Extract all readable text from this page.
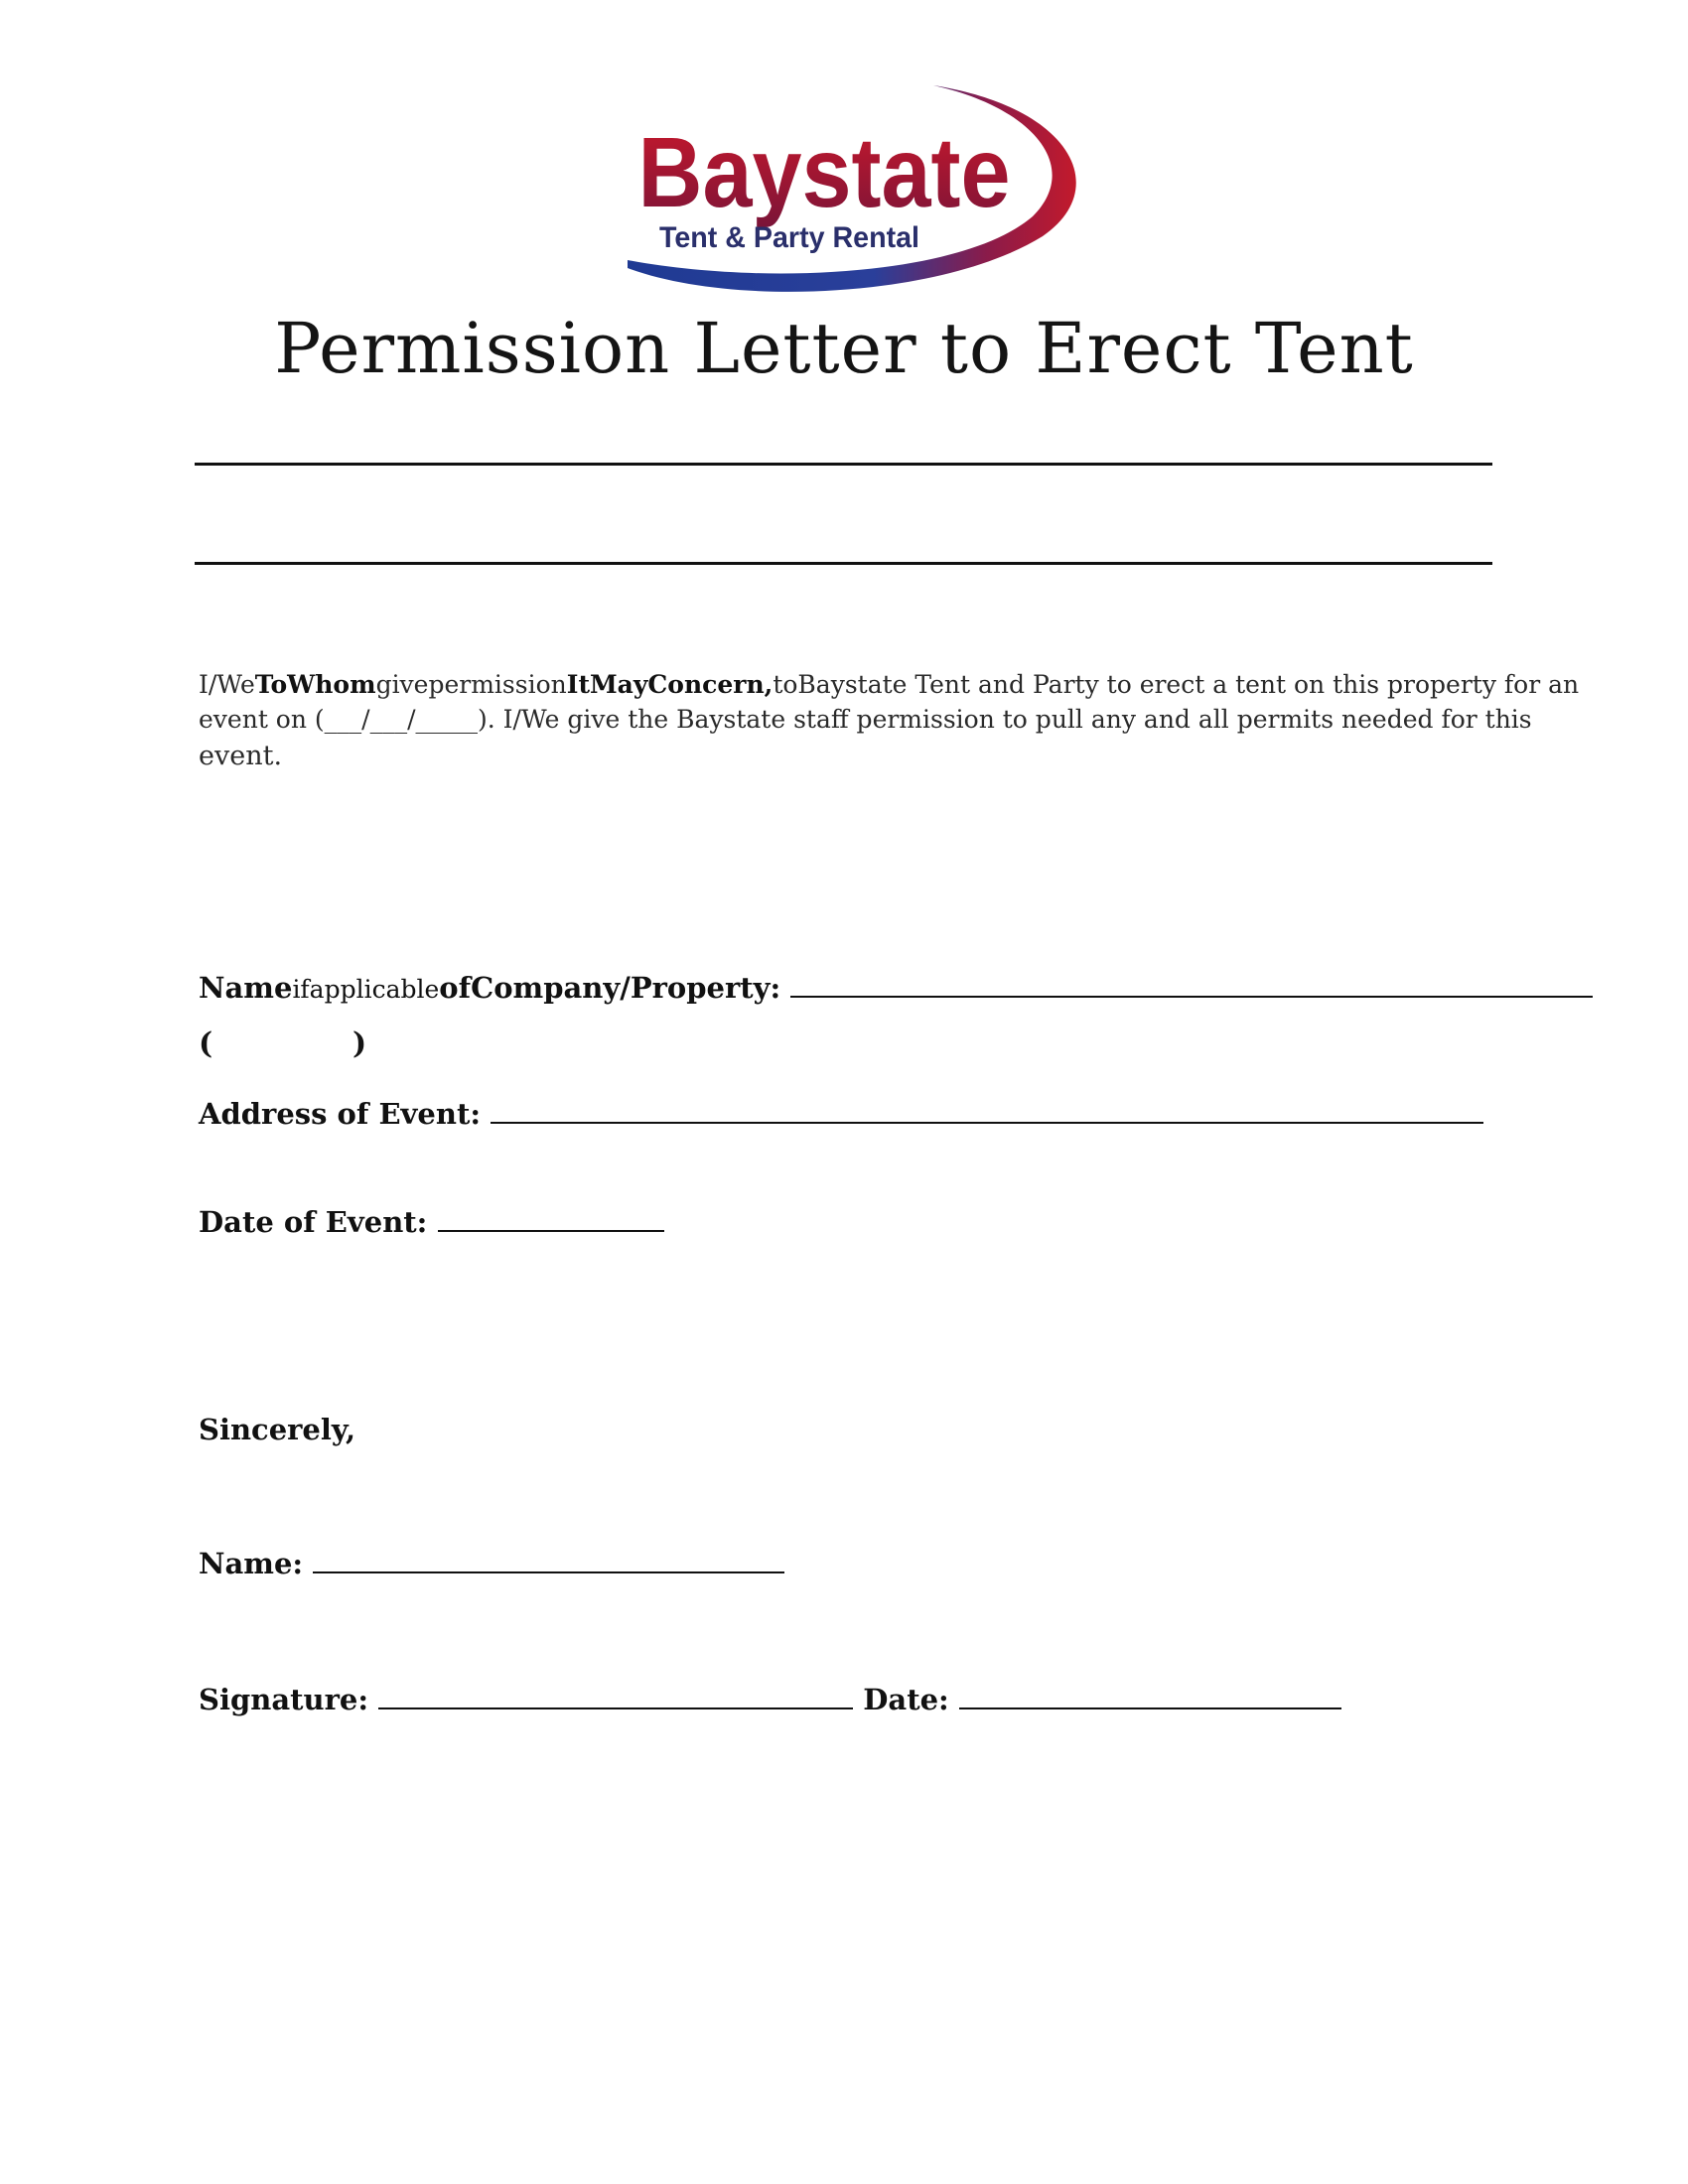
Baystate
Tent & Party Rental
Permission Letter to Erect Tent
I/WeToWhomgivepermissionItMayConcern,toBaystate Tent and Party to erect a tent on this property for an
event on (___/___/_____). I/We give the Baystate staff permission to pull any and all permits needed for this
event.
NameifapplicableofCompany/Property:
(	)
Address of Event:
Date of Event:
Sincerely,
Name:
Signature:	Date:
